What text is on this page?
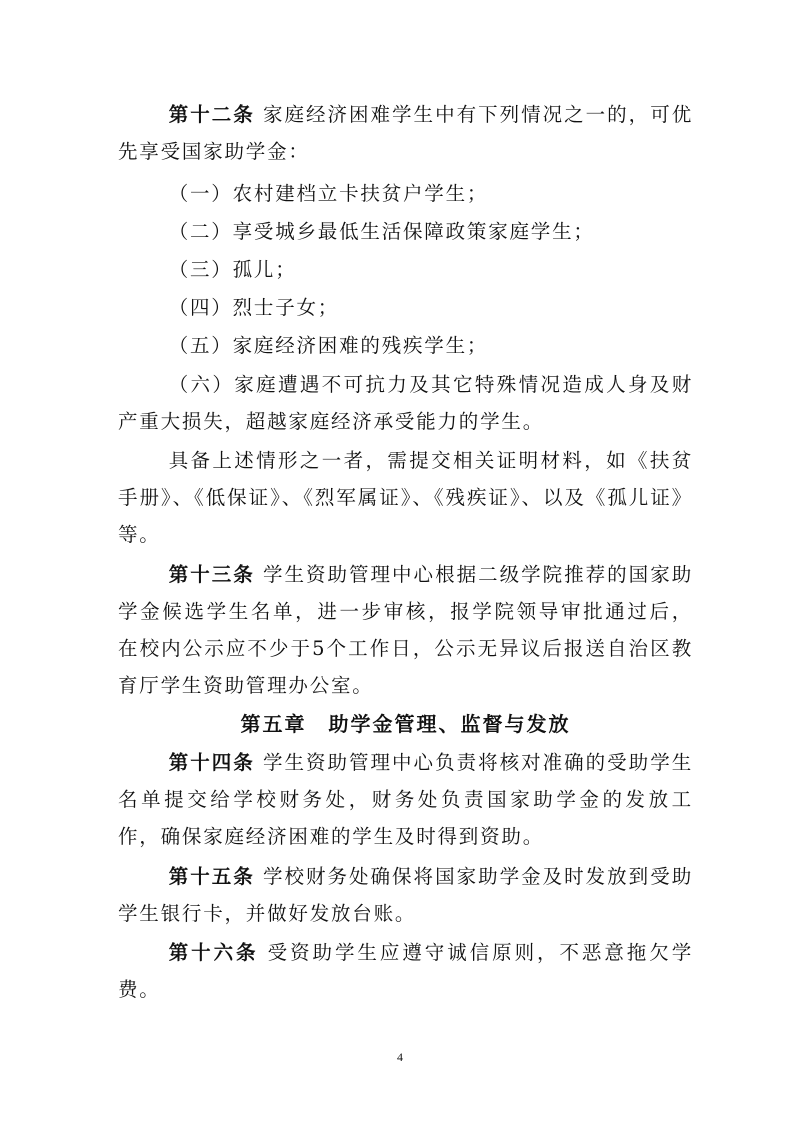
第十二条 家庭经济困难学生中有下列情况之一的，可优先享受国家助学金：

（一）农村建档立卡扶贫户学生；

（二）享受城乡最低生活保障政策家庭学生；

（三）孤儿；

（四）烈士子女；

（五）家庭经济困难的残疾学生；

（六）家庭遭遇不可抗力及其它特殊情况造成人身及财产重大损失，超越家庭经济承受能力的学生。

具备上述情形之一者，需提交相关证明材料，如《扶贫手册》、《低保证》、《烈军属证》、《残疾证》、以及《孤儿证》等。

第十三条 学生资助管理中心根据二级学院推荐的国家助学金候选学生名单，进一步审核，报学院领导审批通过后，在校内公示应不少于5个工作日，公示无异议后报送自治区教育厅学生资助管理办公室。

第五章　助学金管理、监督与发放

第十四条 学生资助管理中心负责将核对准确的受助学生名单提交给学校财务处，财务处负责国家助学金的发放工作，确保家庭经济困难的学生及时得到资助。

第十五条 学校财务处确保将国家助学金及时发放到受助学生银行卡，并做好发放台账。

第十六条 受资助学生应遵守诚信原则，不恶意拖欠学费。

4
